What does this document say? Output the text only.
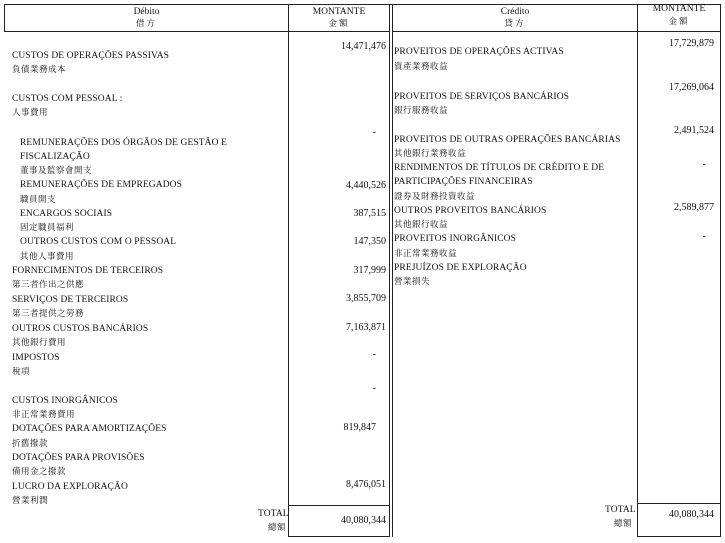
Débito
借方
MONTANTE
金額
Crédito
貸方
MONTANTE
金額
CUSTOS DE OPERAÇÕES PASSIVAS
負債業務成本
14,471,476
CUSTOS COM PESSOAL :
人事費用
REMUNERAÇÕES DOS ÓRGÃOS DE GESTÃO E
FISCALIZAÇÃO
董事及監察會開支
-
REMUNERAÇÕES DE EMPREGADOS
職員開支
4,440,526
ENCARGOS SOCIAIS
固定職員福利
387,515
OUTROS CUSTOS COM O PESSOAL
其他人事費用
147,350
FORNECIMENTOS DE TERCEIROS
第三者作出之供應
317,999
SERVIÇOS DE TERCEIROS
第三者提供之勞務
3,855,709
OUTROS CUSTOS BANCÁRIOS
其他銀行費用
7,163,871
IMPOSTOS
稅項
-
CUSTOS INORGÂNICOS
非正常業務費用
-
DOTAÇÕES PARA AMORTIZAÇÕES
折舊撥款
819,847
DOTAÇÕES PARA PROVISÕES
備用金之撥款
LUCRO DA EXPLORAÇÃO
營業利潤
8,476,051
TOTAL
總額
40,080,344
PROVEITOS DE OPERAÇÕES ACTIVAS
資產業務收益
17,729,879
PROVEITOS DE SERVIÇOS BANCÁRIOS
銀行服務收益
17,269,064
PROVEITOS DE OUTRAS OPERAÇÕES BANCÁRIAS
其他銀行業務收益
2,491,524
RENDIMENTOS DE TÍTULOS DE CRÉDITO E DE
PARTICIPAÇÕES FINANCEIRAS
證券及財務投資收益
-
OUTROS PROVEITOS BANCÁRIOS
其他銀行收益
2,589,877
PROVEITOS INORGÂNICOS
非正常業務收益
-
PREJUÍZOS DE EXPLORAÇÃO
營業損失
TOTAL
總額
40,080,344
